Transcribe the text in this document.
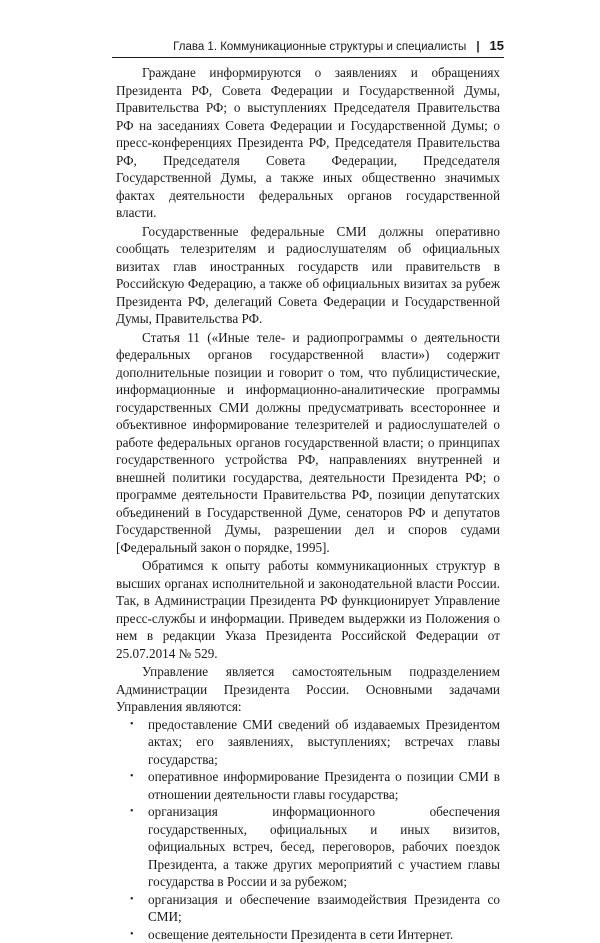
Глава 1. Коммуникационные структуры и специалисты | 15

Граждане информируются о заявлениях и обращениях Президента РФ, Совета Федерации и Государственной Думы, Правительства РФ; о выступлениях Председателя Правительства РФ на заседаниях Совета Федерации и Государственной Думы; о пресс-конференциях Президента РФ, Председателя Правительства РФ, Председателя Совета Федерации, Председателя Государственной Думы, а также иных общественно значимых фактах деятельности федеральных органов государственной власти.

Государственные федеральные СМИ должны оперативно сообщать телезрителям и радиослушателям об официальных визитах глав иностранных государств или правительств в Российскую Федерацию, а также об официальных визитах за рубеж Президента РФ, делегаций Совета Федерации и Государственной Думы, Правительства РФ.

Статья 11 («Иные теле- и радиопрограммы о деятельности федеральных органов государственной власти») содержит дополнительные позиции и говорит о том, что публицистические, информационные и информационно-аналитические программы государственных СМИ должны предусматривать всестороннее и объективное информирование телезрителей и радиослушателей о работе федеральных органов государственной власти; о принципах государственного устройства РФ, направлениях внутренней и внешней политики государства, деятельности Президента РФ; о программе деятельности Правительства РФ, позиции депутатских объединений в Государственной Думе, сенаторов РФ и депутатов Государственной Думы, разрешении дел и споров судами [Федеральный закон о порядке, 1995].

Обратимся к опыту работы коммуникационных структур в высших органах исполнительной и законодательной власти России. Так, в Администрации Президента РФ функционирует Управление пресс-службы и информации. Приведем выдержки из Положения о нем в редакции Указа Президента Российской Федерации от 25.07.2014 № 529.

Управление является самостоятельным подразделением Администрации Президента России. Основными задачами Управления являются:

• предоставление СМИ сведений об издаваемых Президентом актах; его заявлениях, выступлениях; встречах главы государства;
• оперативное информирование Президента о позиции СМИ в отношении деятельности главы государства;
• организация информационного обеспечения государственных, официальных и иных визитов, официальных встреч, бесед, переговоров, рабочих поездок Президента, а также других мероприятий с участием главы государства в России и за рубежом;
• организация и обеспечение взаимодействия Президента со СМИ;
• освещение деятельности Президента в сети Интернет.
